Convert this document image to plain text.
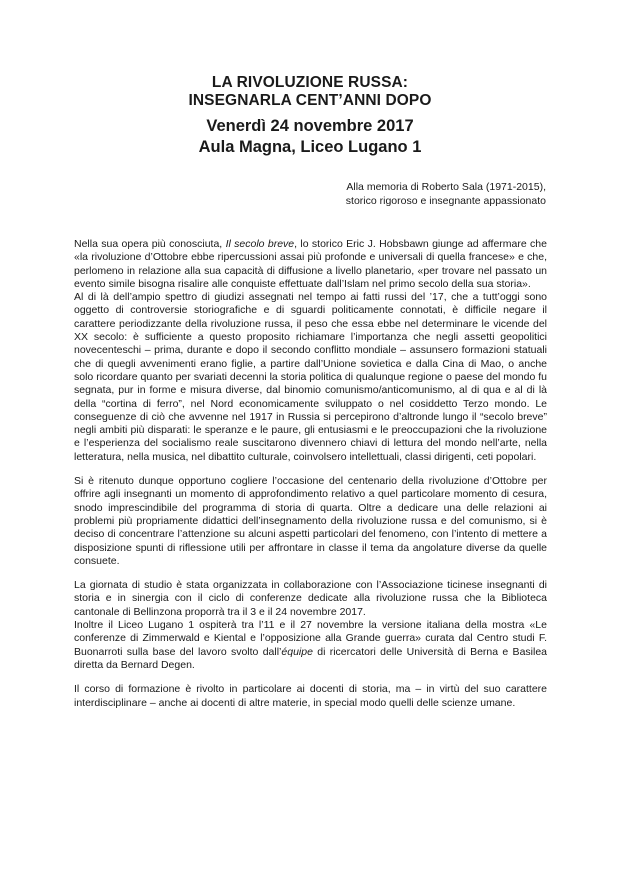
LA RIVOLUZIONE RUSSA:
INSEGNARLA CENT’ANNI DOPO
Venerdì 24 novembre 2017
Aula Magna, Liceo Lugano 1
Alla memoria di Roberto Sala (1971-2015),
storico rigoroso e insegnante appassionato

Nella sua opera più conosciuta, Il secolo breve, lo storico Eric J. Hobsbawn giunge ad affermare che «la rivoluzione d’Ottobre ebbe ripercussioni assai più profonde e universali di quella francese» e che, perlomeno in relazione alla sua capacità di diffusione a livello planetario, «per trovare nel passato un evento simile bisogna risalire alle conquiste effettuate dall’Islam nel primo secolo della sua storia».

Al di là dell’ampio spettro di giudizi assegnati nel tempo ai fatti russi del ’17, che a tutt’oggi sono oggetto di controversie storiografiche e di sguardi politicamente connotati, è difficile negare il carattere periodizzante della rivoluzione russa, il peso che essa ebbe nel determinare le vicende del XX secolo: è sufficiente a questo proposito richiamare l’importanza che negli assetti geopolitici novecenteschi – prima, durante e dopo il secondo conflitto mondiale – assunsero formazioni statuali che di quegli avvenimenti erano figlie, a partire dall’Unione sovietica e dalla Cina di Mao, o anche solo ricordare quanto per svariati decenni la storia politica di qualunque regione o paese del mondo fu segnata, pur in forme e misura diverse, dal binomio comunismo/anticomunismo, al di qua e al di là della “cortina di ferro”, nel Nord economicamente sviluppato o nel cosiddetto Terzo mondo. Le conseguenze di ciò che avvenne nel 1917 in Russia si percepirono d’altronde lungo il “secolo breve” negli ambiti più disparati: le speranze e le paure, gli entusiasmi e le preoccupazioni che la rivoluzione e l’esperienza del socialismo reale suscitarono divennero chiavi di lettura del mondo nell’arte, nella letteratura, nella musica, nel dibattito culturale, coinvolsero intellettuali, classi dirigenti, ceti popolari.

Si è ritenuto dunque opportuno cogliere l’occasione del centenario della rivoluzione d’Ottobre per offrire agli insegnanti un momento di approfondimento relativo a quel particolare momento di cesura, snodo imprescindibile del programma di storia di quarta. Oltre a dedicare una delle relazioni ai problemi più propriamente didattici dell’insegnamento della rivoluzione russa e del comunismo, si è deciso di concentrare l’attenzione su alcuni aspetti particolari del fenomeno, con l’intento di mettere a disposizione spunti di riflessione utili per affrontare in classe il tema da angolature diverse da quelle consuete.

La giornata di studio è stata organizzata in collaborazione con l’Associazione ticinese insegnanti di storia e in sinergia con il ciclo di conferenze dedicate alla rivoluzione russa che la Biblioteca cantonale di Bellinzona proporrà tra il 3 e il 24 novembre 2017.

Inoltre il Liceo Lugano 1 ospiterà tra l’11 e il 27 novembre la versione italiana della mostra «Le conferenze di Zimmerwald e Kiental e l’opposizione alla Grande guerra» curata dal Centro studi F. Buonarroti sulla base del lavoro svolto dall’équipe di ricercatori delle Università di Berna e Basilea diretta da Bernard Degen.

Il corso di formazione è rivolto in particolare ai docenti di storia, ma – in virtù del suo carattere interdisciplinare – anche ai docenti di altre materie, in special modo quelli delle scienze umane.
